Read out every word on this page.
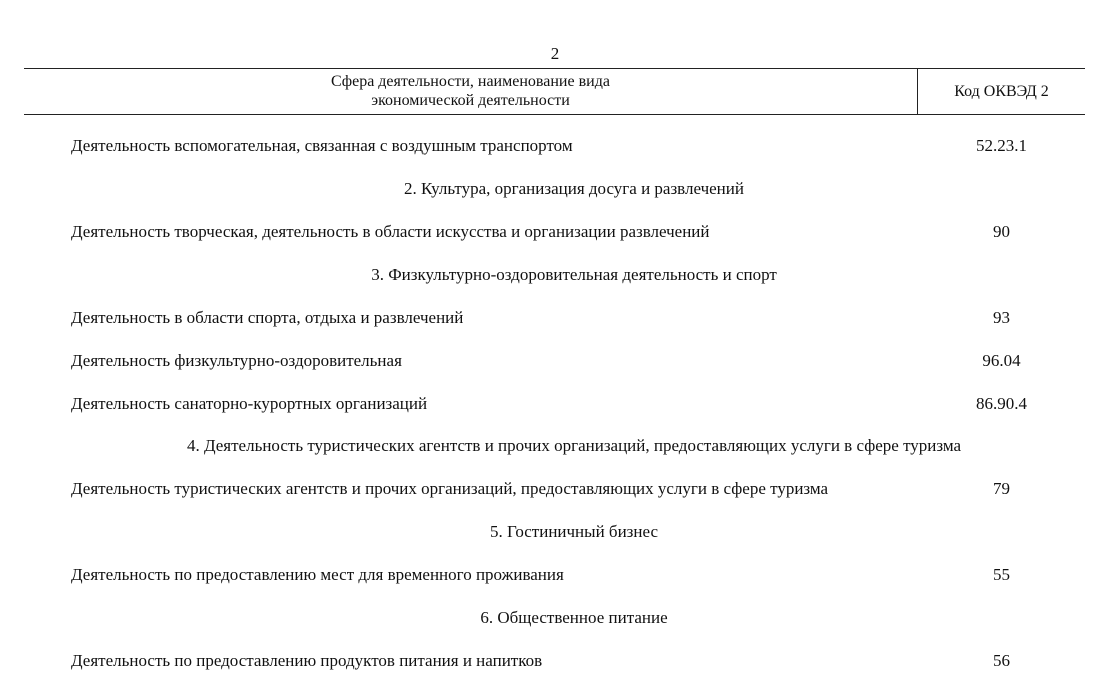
2
Сфера деятельности, наименование вида
экономической деятельности
Код ОКВЭД 2
Деятельность вспомогательная, связанная с воздушным транспортом	52.23.1
2. Культура, организация досуга и развлечений
Деятельность творческая, деятельность в области искусства и организации развлечений	90
3. Физкультурно-оздоровительная деятельность и спорт
Деятельность в области спорта, отдыха и развлечений	93
Деятельность физкультурно-оздоровительная	96.04
Деятельность санаторно-курортных организаций	86.90.4
4. Деятельность туристических агентств и прочих организаций, предоставляющих услуги в сфере туризма
Деятельность туристических агентств и прочих организаций, предоставляющих услуги в сфере туризма	79
5. Гостиничный бизнес
Деятельность по предоставлению мест для временного проживания	55
6. Общественное питание
Деятельность по предоставлению продуктов питания и напитков	56
